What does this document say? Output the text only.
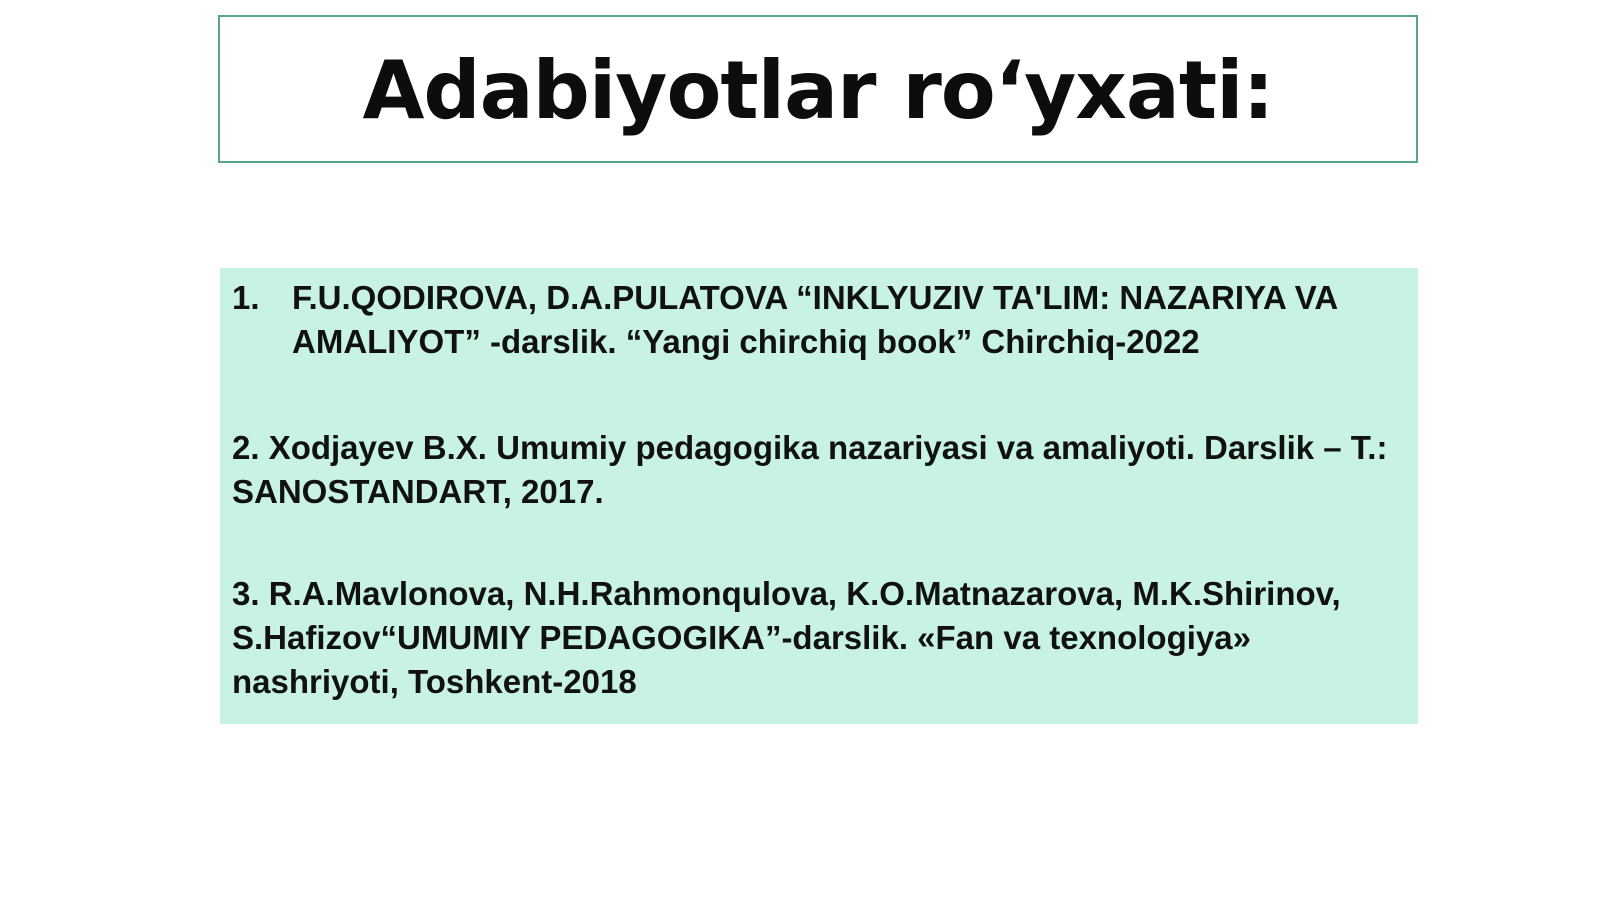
Adabiyotlar ro‘yxati:
1. F.U.QODIROVA, D.A.PULATOVA “INKLYUZIV TA'LIM: NAZARIYA VA AMALIYOT” -darslik. “Yangi chirchiq book” Chirchiq-2022

2. Xodjayev B.X. Umumiy pedagogika nazariyasi va amaliyoti. Darslik – T.: SANOSTANDART, 2017.

3. R.A.Mavlonova, N.H.Rahmonqulova, K.O.Matnazarova, M.K.Shirinov, S.Hafizov“UMUMIY PEDAGOGIKA”-darslik. «Fan va texnologiya» nashriyoti, Toshkent-2018
